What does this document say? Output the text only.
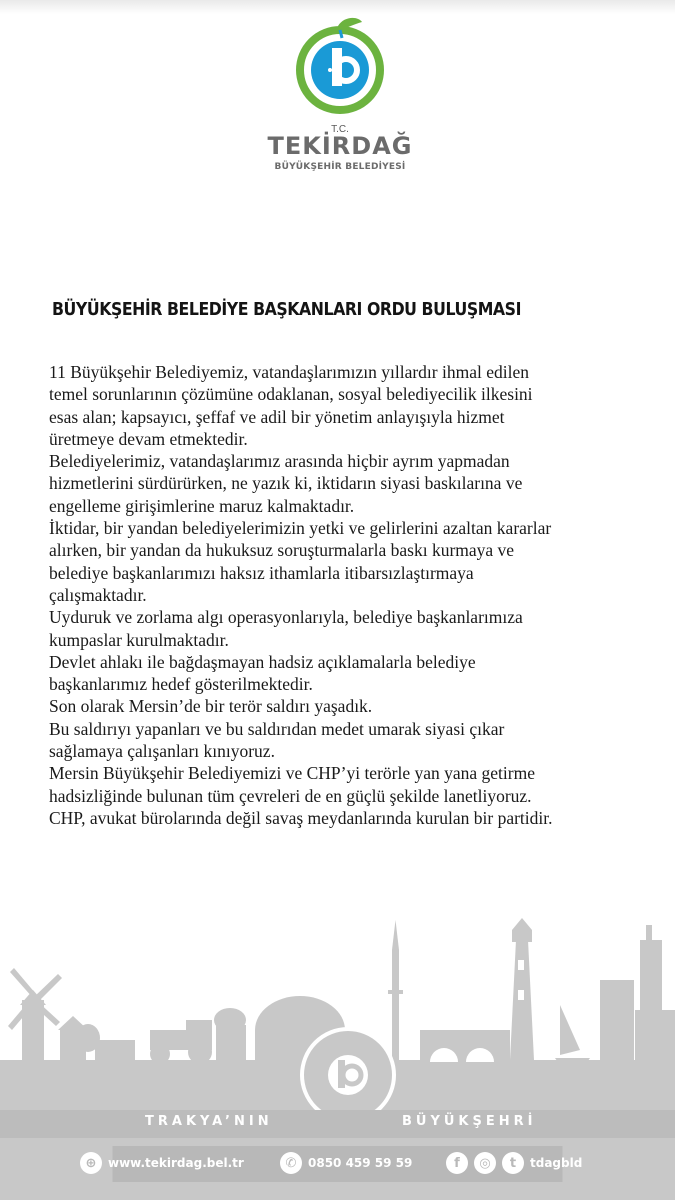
T.C.
TEKİRDAĞ
BÜYÜKŞEHİR BELEDİYESİ
BÜYÜKŞEHİR BELEDİYE BAŞKANLARI ORDU BULUŞMASI

11 Büyükşehir Belediyemiz, vatandaşlarımızın yıllardır ihmal edilen
temel sorunlarının çözümüne odaklanan, sosyal belediyecilik ilkesini
esas alan; kapsayıcı, şeffaf ve adil bir yönetim anlayışıyla hizmet
üretmeye devam etmektedir.

Belediyelerimiz, vatandaşlarımız arasında hiçbir ayrım yapmadan
hizmetlerini sürdürürken, ne yazık ki, iktidarın siyasi baskılarına ve
engelleme girişimlerine maruz kalmaktadır.

İktidar, bir yandan belediyelerimizin yetki ve gelirlerini azaltan kararlar
alırken, bir yandan da hukuksuz soruşturmalarla baskı kurmaya ve
belediye başkanlarımızı haksız ithamlarla itibarsızlaştırmaya
çalışmaktadır.

Uyduruk ve zorlama algı operasyonlarıyla, belediye başkanlarımıza
kumpaslar kurulmaktadır.

Devlet ahlakı ile bağdaşmayan hadsiz açıklamalarla belediye
başkanlarımız hedef gösterilmektedir.

Son olarak Mersin’de bir terör saldırı yaşadık.

Bu saldırıyı yapanları ve bu saldırıdan medet umarak siyasi çıkar
sağlamaya çalışanları kınıyoruz.

Mersin Büyükşehir Belediyemizi ve CHP’yi terörle yan yana getirme
hadsizliğinde bulunan tüm çevreleri de en güçlü şekilde lanetliyoruz.

CHP, avukat bürolarında değil savaş meydanlarında kurulan bir partidir.

TRAKYA’NIN	BÜYÜKŞEHRİ
⊕ www.tekirdag.bel.tr	✆ 0850 459 59 59	f	◎	t	tdagbld
